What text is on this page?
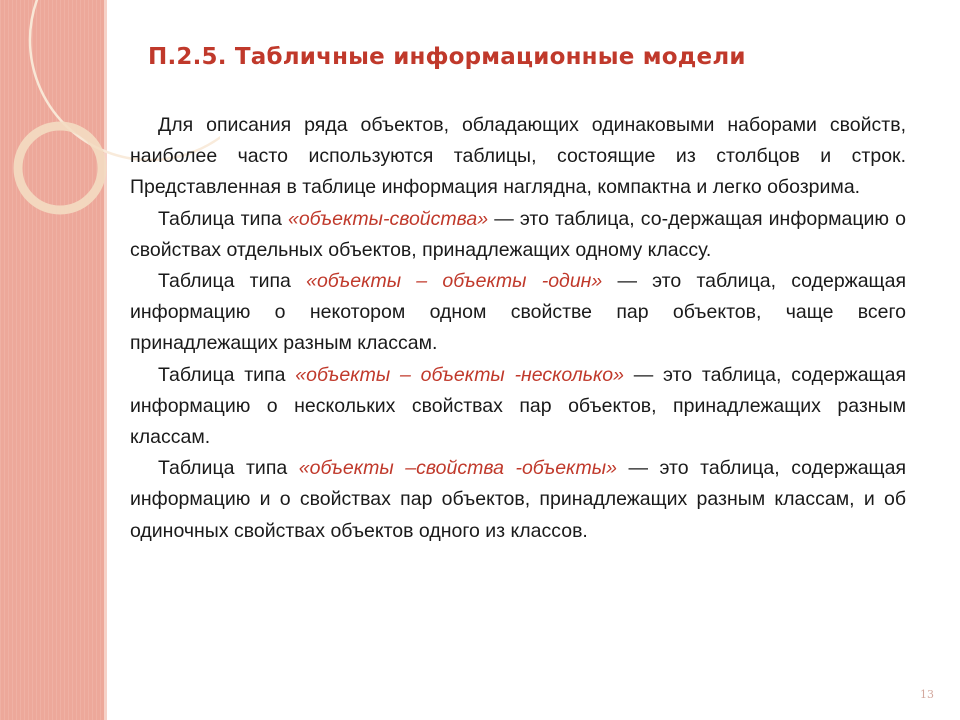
П.2.5. Табличные информационные модели

Для описания ряда объектов, обладающих одинаковыми наборами свойств, наиболее часто используются таблицы, состоящие из столбцов и строк. Представленная в таблице информация наглядна, компактна и легко обозрима.

Таблица типа «объекты-свойства» — это таблица, со-держащая информацию о свойствах отдельных объектов, принадлежащих одному классу.

Таблица типа «объекты – объекты -один» — это таблица, содержащая информацию о некотором одном свойстве пар объектов, чаще всего принадлежащих разным классам.

Таблица типа «объекты – объекты -несколько» — это таблица, содержащая информацию о нескольких свойствах пар объектов, принадлежащих разным классам.

Таблица типа «объекты –свойства -объекты» — это таблица, содержащая информацию и о свойствах пар объектов, принадлежащих разным классам, и об одиночных свойствах объектов одного из классов.

13
